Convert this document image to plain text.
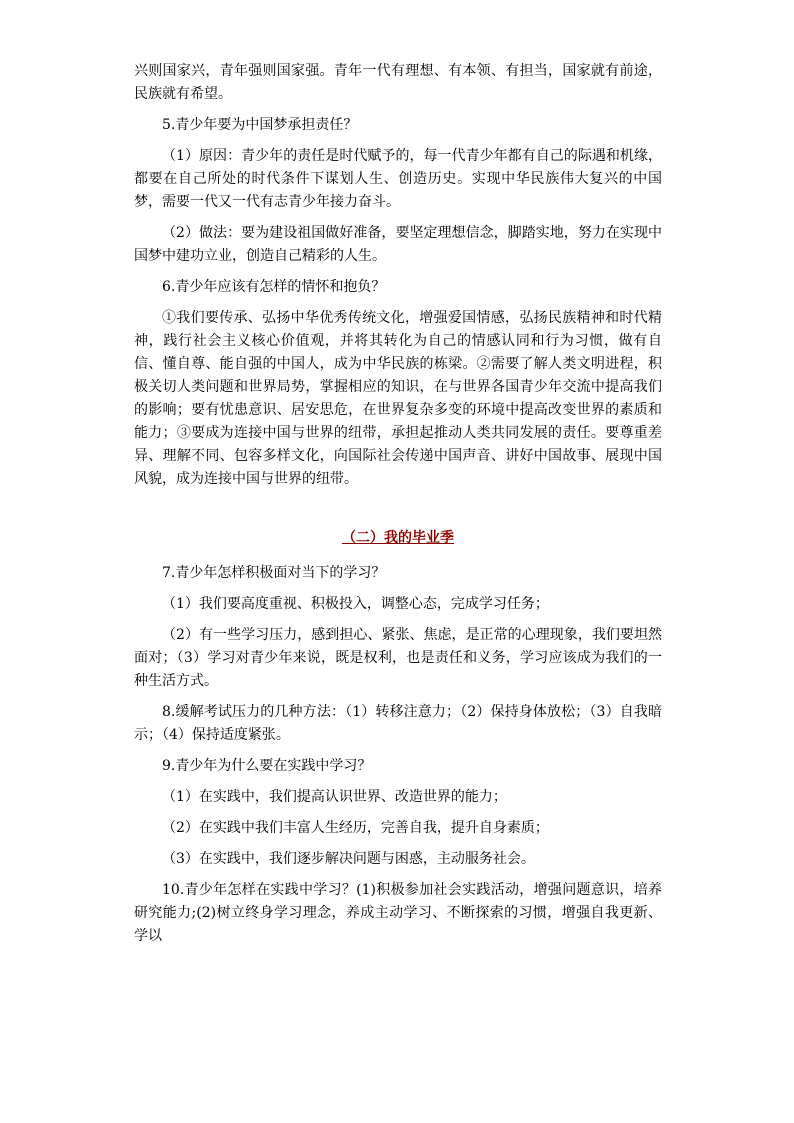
兴则国家兴，青年强则国家强。青年一代有理想、有本领、有担当，国家就有前途，民族就有希望。

5.青少年要为中国梦承担责任？

（1）原因：青少年的责任是时代赋予的，每一代青少年都有自己的际遇和机缘，都要在自己所处的时代条件下谋划人生、创造历史。实现中华民族伟大复兴的中国梦，需要一代又一代有志青少年接力奋斗。

（2）做法：要为建设祖国做好准备，要坚定理想信念，脚踏实地，努力在实现中国梦中建功立业，创造自己精彩的人生。

6.青少年应该有怎样的情怀和抱负？

①我们要传承、弘扬中华优秀传统文化，增强爱国情感，弘扬民族精神和时代精神，践行社会主义核心价值观，并将其转化为自己的情感认同和行为习惯，做有自信、懂自尊、能自强的中国人，成为中华民族的栋梁。②需要了解人类文明进程，积极关切人类问题和世界局势，掌握相应的知识，在与世界各国青少年交流中提高我们的影响；要有忧患意识、居安思危，在世界复杂多变的环境中提高改变世界的素质和能力；③要成为连接中国与世界的纽带，承担起推动人类共同发展的责任。要尊重差异、理解不同、包容多样文化，向国际社会传递中国声音、讲好中国故事、展现中国风貌，成为连接中国与世界的纽带。

（二）我的毕业季

7.青少年怎样积极面对当下的学习？

（1）我们要高度重视、积极投入，调整心态，完成学习任务；

（2）有一些学习压力，感到担心、紧张、焦虑，是正常的心理现象，我们要坦然面对；（3）学习对青少年来说，既是权利，也是责任和义务，学习应该成为我们的一种生活方式。

8.缓解考试压力的几种方法：（1）转移注意力；（2）保持身体放松；（3）自我暗示；（4）保持适度紧张。

9.青少年为什么要在实践中学习？

（1）在实践中，我们提高认识世界、改造世界的能力；

（2）在实践中我们丰富人生经历，完善自我，提升自身素质；

（3）在实践中，我们逐步解决问题与困惑，主动服务社会。

10.青少年怎样在实践中学习？(1)积极参加社会实践活动，增强问题意识，培养研究能力;(2)树立终身学习理念，养成主动学习、不断探索的习惯，增强自我更新、学以
